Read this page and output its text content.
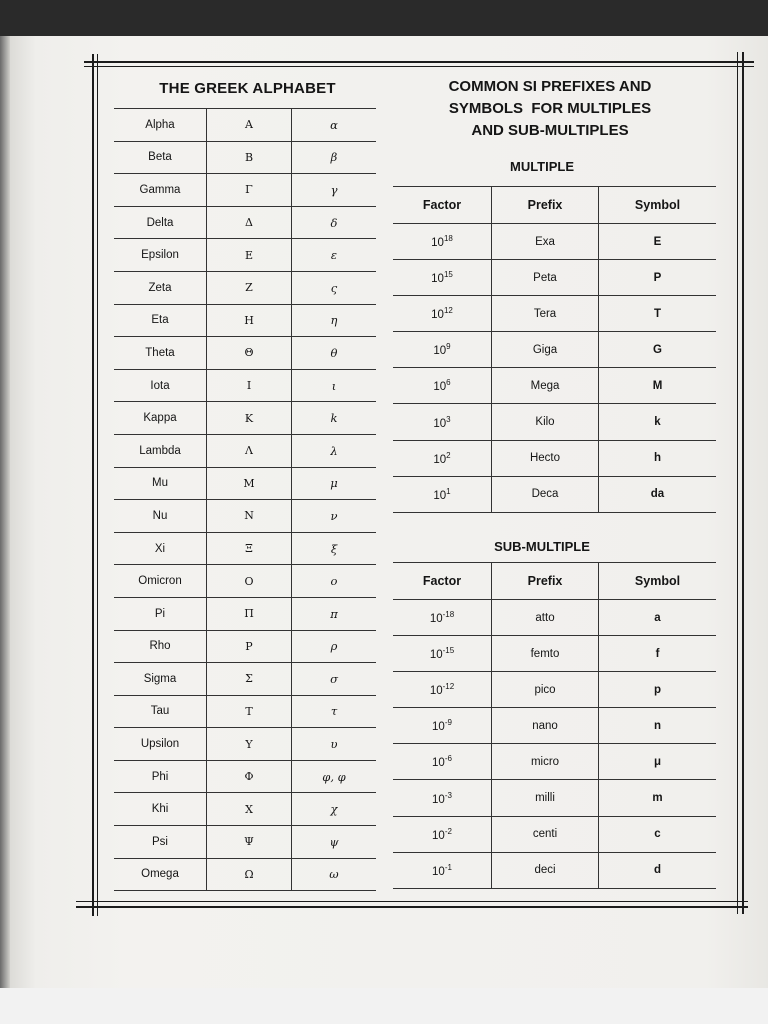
THE GREEK ALPHABET
Alpha	Α	α
Beta	Β	β
Gamma	Γ	γ
Delta	Δ	δ
Epsilon	Ε	ε
Zeta	Ζ	ς
Eta	Η	η
Theta	Θ	θ
Iota	Ι	ι
Kappa	Κ	k
Lambda	Λ	λ
Mu	Μ	μ
Nu	Ν	ν
Xi	Ξ	ξ
Omicron	Ο	ο
Pi	Π	π
Rho	Ρ	ρ
Sigma	Σ	σ
Tau	Τ	τ
Upsilon	Υ	υ
Phi	Φ	φ, φ
Khi	Χ	χ
Psi	Ψ	ψ
Omega	Ω	ω
COMMON SI PREFIXES AND
SYMBOLS  FOR MULTIPLES
AND SUB-MULTIPLES
MULTIPLE
Factor	Prefix	Symbol
$10^{18}$	Exa	E
$10^{15}$	Peta	P
$10^{12}$	Tera	T
$10^9$	Giga	G
$10^6$	Mega	M
$10^3$	Kilo	k
$10^2$	Hecto	h
$10^1$	Deca	da
SUB-MULTIPLE
Factor	Prefix	Symbol
$10^{-18}$	atto	a
$10^{-15}$	femto	f
$10^{-12}$	pico	p
$10^{-9}$	nano	n
$10^{-6}$	micro	μ
$10^{-3}$	milli	m
$10^{-2}$	centi	c
$10^{-1}$	deci	d
